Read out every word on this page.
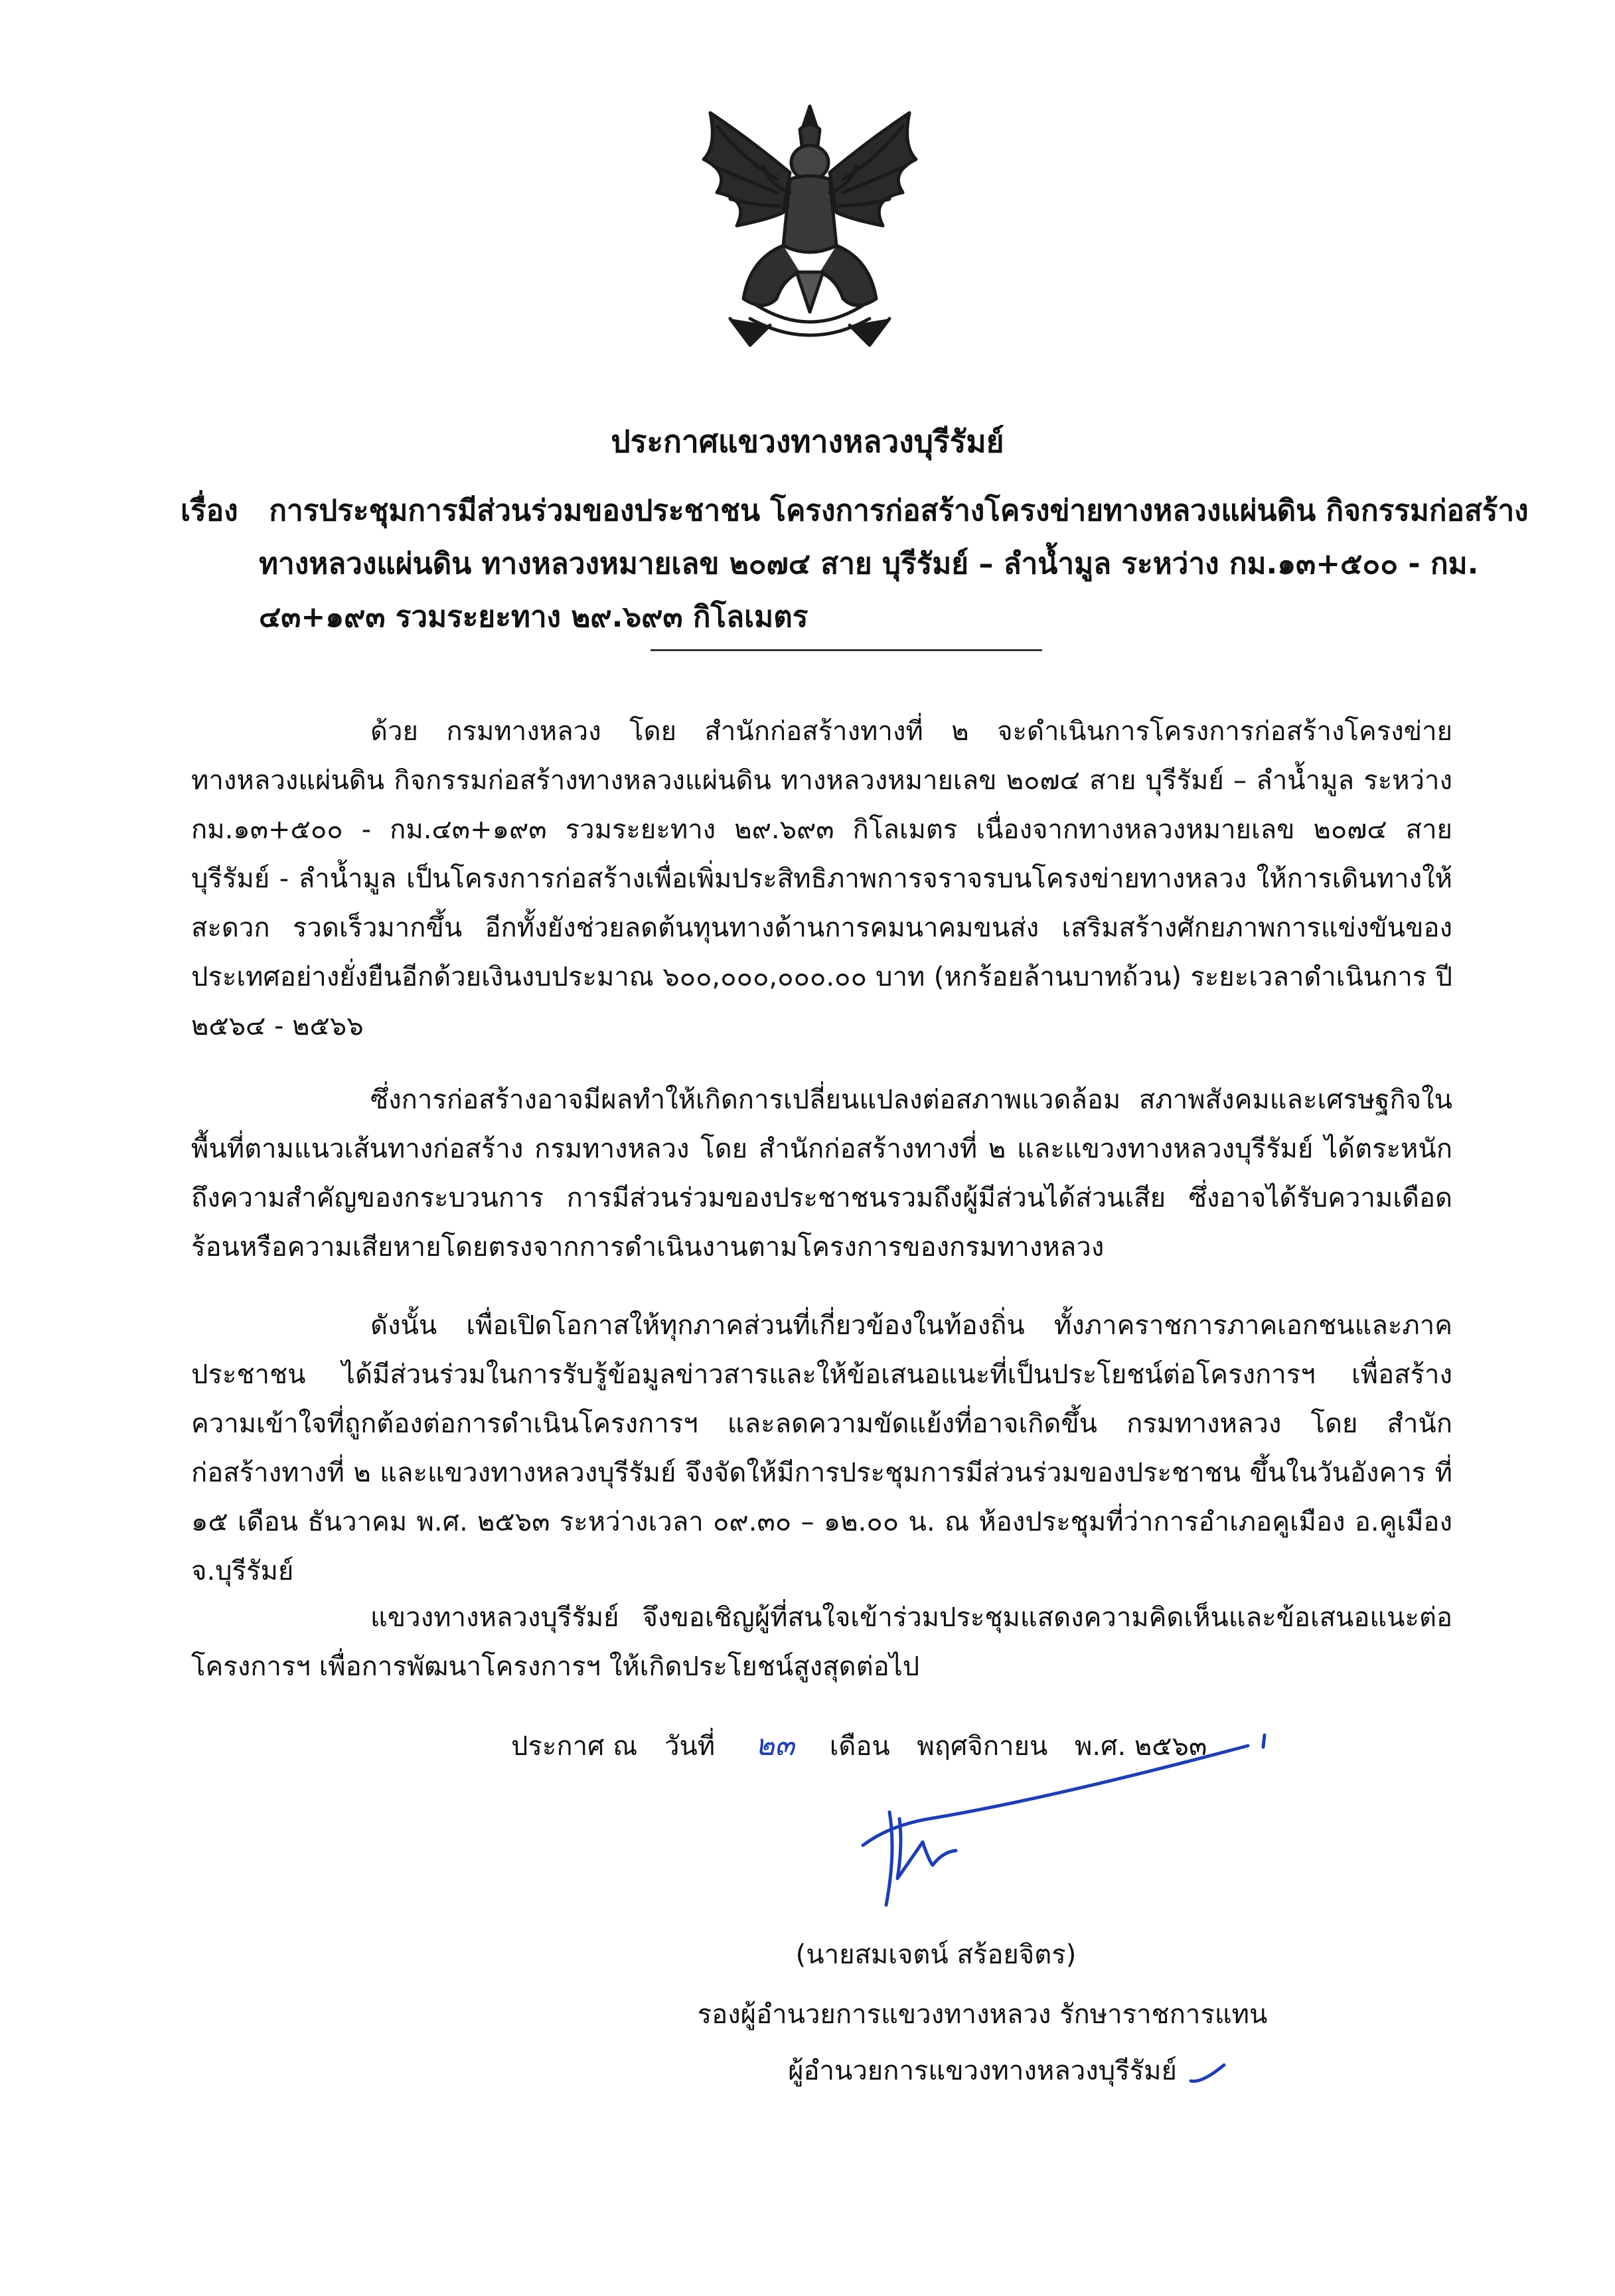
ประกาศแขวงทางหลวงบุรีรัมย์
เรื่อง การประชุมการมีส่วนร่วมของประชาชน โครงการก่อสร้างโครงข่ายทางหลวงแผ่นดิน กิจกรรมก่อสร้าง
ทางหลวงแผ่นดิน ทางหลวงหมายเลข ๒๐๗๔ สาย บุรีรัมย์ – ลำน้ำมูล ระหว่าง กม.๑๓+๕๐๐ - กม.
๔๓+๑๙๓ รวมระยะทาง ๒๙.๖๙๓ กิโลเมตร
ด้วย กรมทางหลวง โดย สำนักก่อสร้างทางที่ ๒ จะดำเนินการโครงการก่อสร้างโครงข่ายทางหลวงแผ่นดิน กิจกรรมก่อสร้างทางหลวงแผ่นดิน ทางหลวงหมายเลข ๒๐๗๔ สาย บุรีรัมย์ – ลำน้ำมูล ระหว่าง กม.๑๓+๕๐๐ - กม.๔๓+๑๙๓ รวมระยะทาง ๒๙.๖๙๓ กิโลเมตร เนื่องจากทางหลวงหมายเลข ๒๐๗๔ สาย บุรีรัมย์ - ลำน้ำมูล เป็นโครงการก่อสร้างเพื่อเพิ่มประสิทธิภาพการจราจรบนโครงข่ายทางหลวง ให้การเดินทางให้สะดวก รวดเร็วมากขึ้น อีกทั้งยังช่วยลดต้นทุนทางด้านการคมนาคมขนส่ง เสริมสร้างศักยภาพการแข่งขันของประเทศอย่างยั่งยืนอีกด้วยเงินงบประมาณ ๖๐๐,๐๐๐,๐๐๐.๐๐ บาท (หกร้อยล้านบาทถ้วน) ระยะเวลาดำเนินการ ปี ๒๕๖๔ - ๒๕๖๖
ซึ่งการก่อสร้างอาจมีผลทำให้เกิดการเปลี่ยนแปลงต่อสภาพแวดล้อม สภาพสังคมและเศรษฐกิจในพื้นที่ตามแนวเส้นทางก่อสร้าง กรมทางหลวง โดย สำนักก่อสร้างทางที่ ๒ และแขวงทางหลวงบุรีรัมย์ ได้ตระหนักถึงความสำคัญของกระบวนการ การมีส่วนร่วมของประชาชนรวมถึงผู้มีส่วนได้ส่วนเสีย ซึ่งอาจได้รับความเดือดร้อนหรือความเสียหายโดยตรงจากการดำเนินงานตามโครงการของกรมทางหลวง
ดังนั้น เพื่อเปิดโอกาสให้ทุกภาคส่วนที่เกี่ยวข้องในท้องถิ่น ทั้งภาคราชการภาคเอกชนและภาคประชาชน ได้มีส่วนร่วมในการรับรู้ข้อมูลข่าวสารและให้ข้อเสนอแนะที่เป็นประโยชน์ต่อโครงการฯ เพื่อสร้างความเข้าใจที่ถูกต้องต่อการดำเนินโครงการฯ และลดความขัดแย้งที่อาจเกิดขึ้น กรมทางหลวง โดย สำนักก่อสร้างทางที่ ๒ และแขวงทางหลวงบุรีรัมย์ จึงจัดให้มีการประชุมการมีส่วนร่วมของประชาชน ขึ้นในวันอังคาร ที่ ๑๕ เดือน ธันวาคม พ.ศ. ๒๕๖๓ ระหว่างเวลา ๐๙.๓๐ – ๑๒.๐๐ น. ณ ห้องประชุมที่ว่าการอำเภอคูเมือง อ.คูเมือง จ.บุรีรัมย์
แขวงทางหลวงบุรีรัมย์ จึงขอเชิญผู้ที่สนใจเข้าร่วมประชุมแสดงความคิดเห็นและข้อเสนอแนะต่อโครงการฯ เพื่อการพัฒนาโครงการฯ ให้เกิดประโยชน์สูงสุดต่อไป
ประกาศ ณ วันที่ ๒๓ เดือน พฤศจิกายน พ.ศ. ๒๕๖๓
(นายสมเจตน์ สร้อยจิตร)
รองผู้อำนวยการแขวงทางหลวง รักษาราชการแทน
ผู้อำนวยการแขวงทางหลวงบุรีรัมย์
